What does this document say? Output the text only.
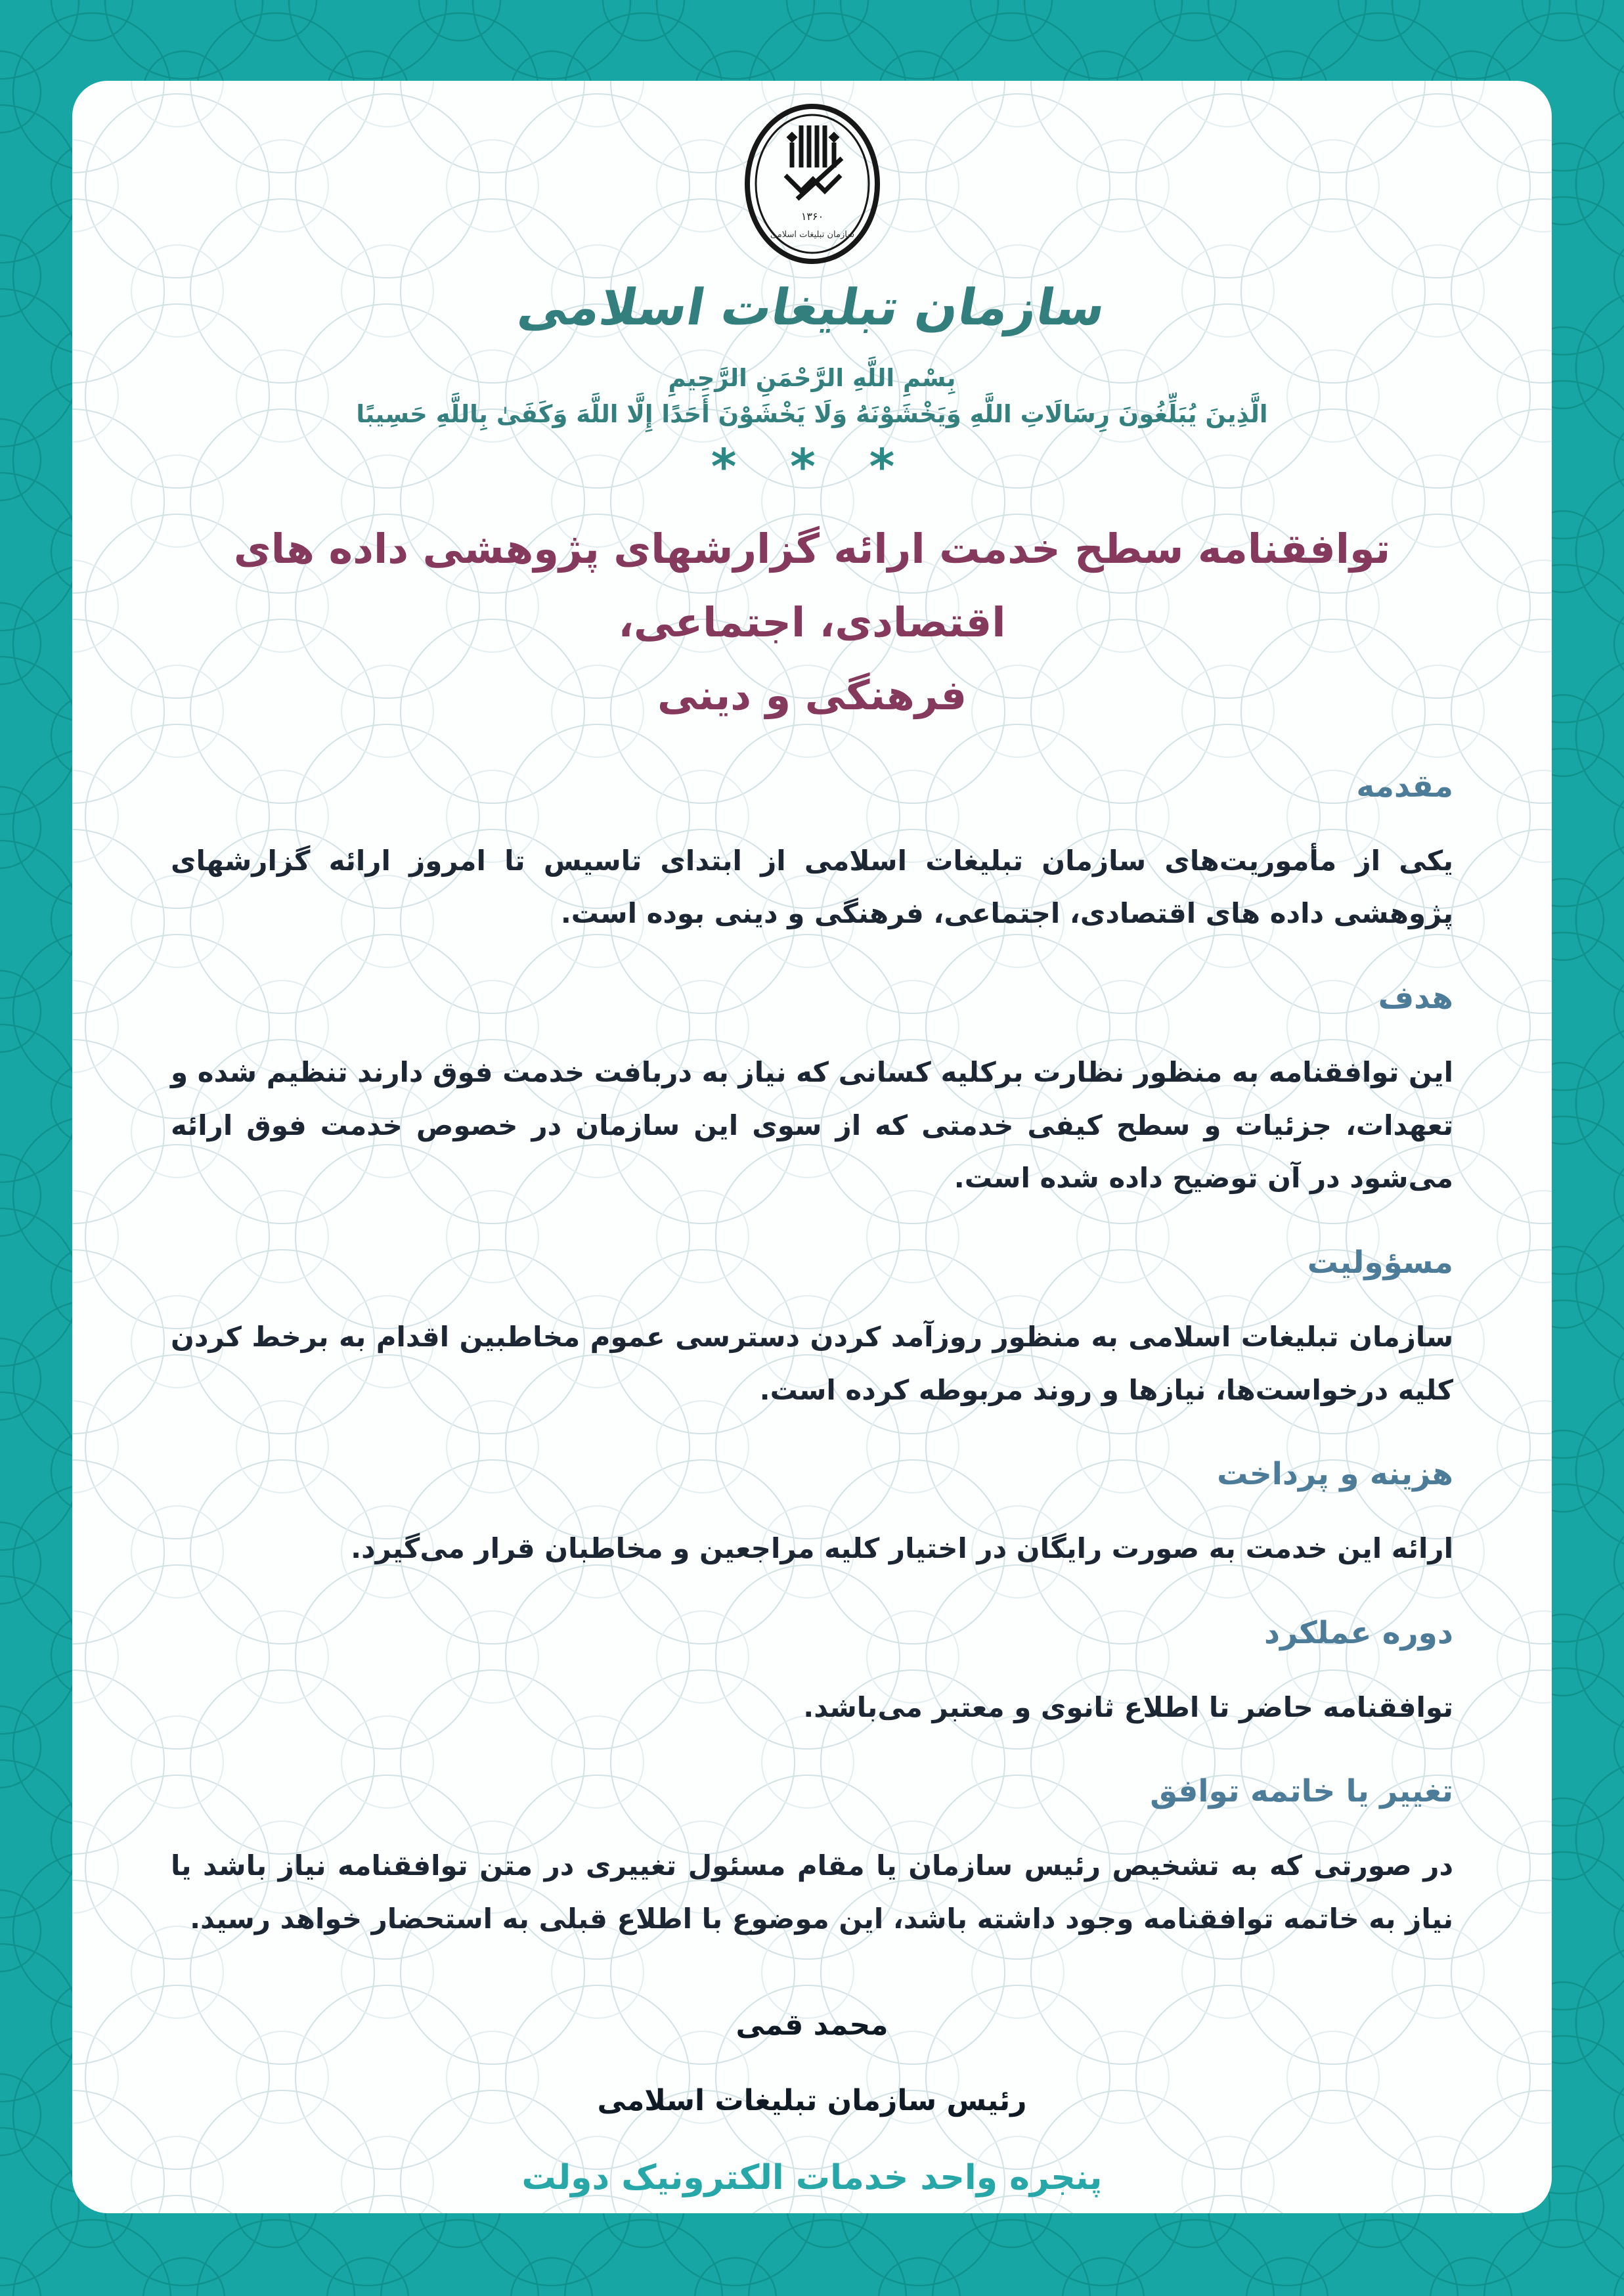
۱۳۶۰
سازمان تبلیغات اسلامی
سازمان تبلیغات اسلامی
بِسْمِ اللَّهِ الرَّحْمَنِ الرَّحِيمِ
الَّذِينَ يُبَلِّغُونَ رِسَالَاتِ اللَّهِ وَيَخْشَوْنَهُ وَلَا يَخْشَوْنَ أَحَدًا إِلَّا اللَّهَ وَكَفَىٰ بِاللَّهِ حَسِيبًا
* * *
توافقنامه سطح خدمت ارائه گزارشهای پژوهشی داده های اقتصادی، اجتماعی،
فرهنگی و دینی
مقدمه

یکی از مأموریت‌های سازمان تبلیغات اسلامی از ابتدای تاسیس تا امروز ارائه گزارشهای پژوهشی داده های اقتصادی، اجتماعی، فرهنگی و دینی بوده است.

هدف

این توافقنامه به منظور نظارت برکلیه کسانی که نیاز به دربافت خدمت فوق دارند تنظیم شده و تعهدات، جزئیات و سطح کیفی خدمتی که از سوی این سازمان در خصوص خدمت فوق ارائه می‌شود در آن توضیح داده شده است.

مسؤولیت

سازمان تبلیغات اسلامی به منظور روزآمد کردن دسترسی عموم مخاطبین اقدام به برخط کردن کلیه درخواست‌ها، نیازها و روند مربوطه کرده است.

هزینه و پرداخت

ارائه این خدمت به صورت رایگان در اختیار کلیه مراجعین و مخاطبان قرار می‌گیرد.

دوره عملکرد

توافقنامه حاضر تا اطلاع ثانوی و معتبر می‌باشد.

تغییر یا خاتمه توافق

در صورتی که به تشخیص رئیس سازمان یا مقام مسئول تغییری در متن توافقنامه نیاز باشد یا نیاز به خاتمه توافقنامه وجود داشته باشد، این موضوع با اطلاع قبلی به استحضار خواهد رسید.

محمد قمی
رئیس سازمان تبلیغات اسلامی
پنجره واحد خدمات الکترونیک دولت
